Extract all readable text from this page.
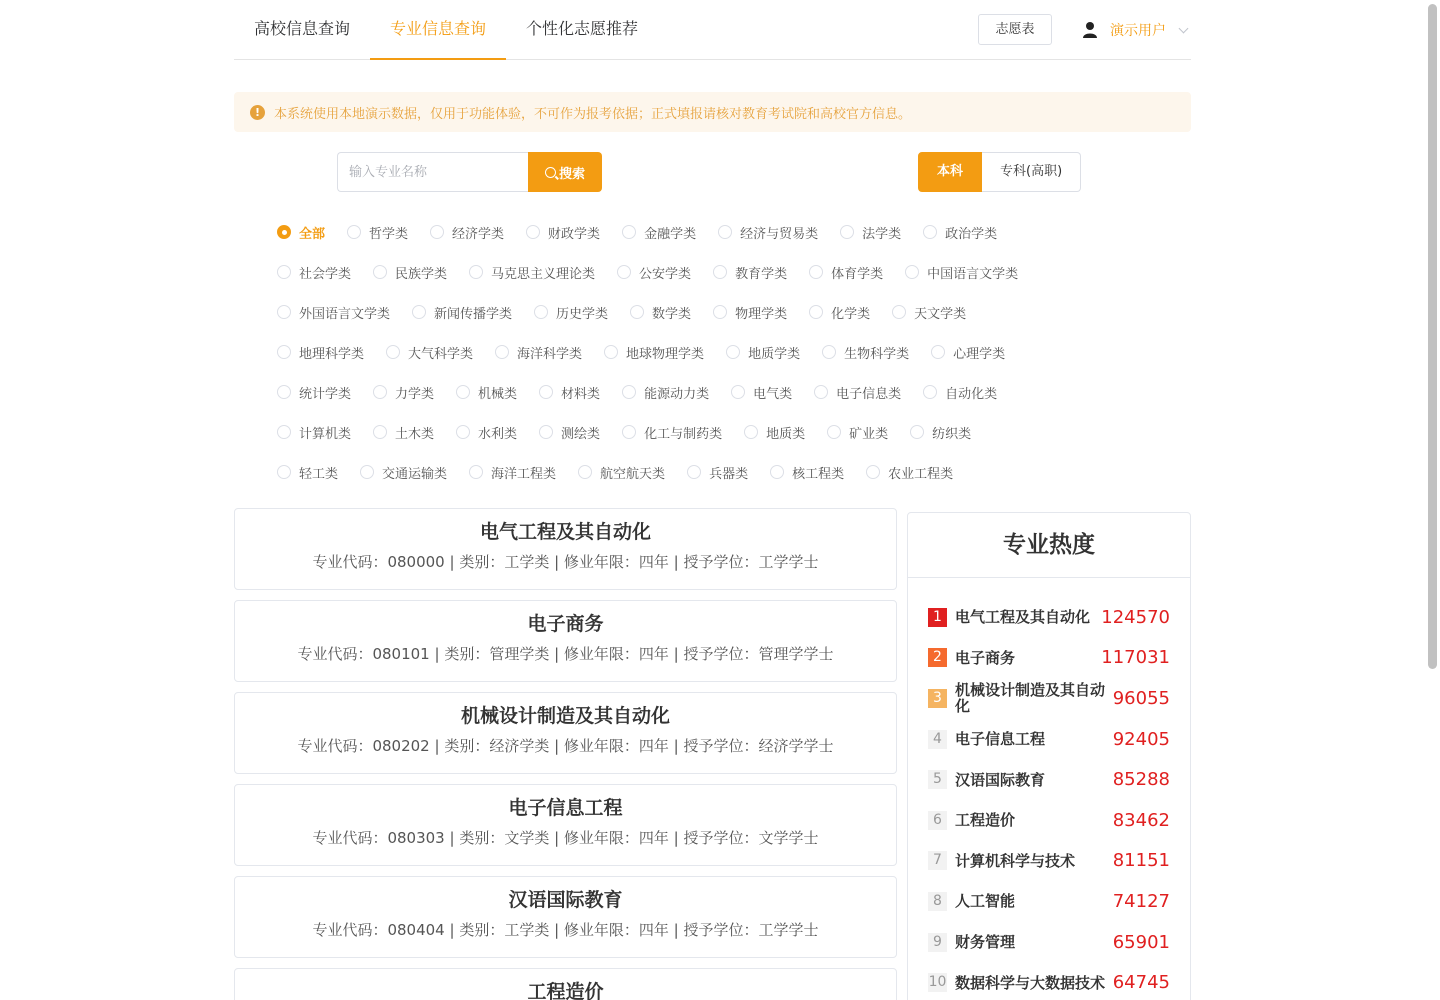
高校信息查询	专业信息查询	个性化志愿推荐	志愿表	演示用户
!	本系统使用本地演示数据，仅用于功能体验，不可作为报考依据；正式填报请核对教育考试院和高校官方信息。
输入专业名称
搜索	本科	专科(高职)
全部	哲学类	经济学类	财政学类	金融学类	经济与贸易类	法学类	政治学类
社会学类	民族学类	马克思主义理论类	公安学类	教育学类	体育学类	中国语言文学类
外国语言文学类	新闻传播学类	历史学类	数学类	物理学类	化学类	天文学类
地理科学类	大气科学类	海洋科学类	地球物理学类	地质学类	生物科学类	心理学类
统计学类	力学类	机械类	材料类	能源动力类	电气类	电子信息类	自动化类
计算机类	土木类	水利类	测绘类	化工与制药类	地质类	矿业类	纺织类
轻工类	交通运输类	海洋工程类	航空航天类	兵器类	核工程类	农业工程类
电气工程及其自动化
专业代码：080000 | 类别：工学类 | 修业年限：四年 | 授予学位：工学学士
电子商务
专业代码：080101 | 类别：管理学类 | 修业年限：四年 | 授予学位：管理学学士
机械设计制造及其自动化
专业代码：080202 | 类别：经济学类 | 修业年限：四年 | 授予学位：经济学学士
电子信息工程
专业代码：080303 | 类别：文学类 | 修业年限：四年 | 授予学位：文学学士
汉语国际教育
专业代码：080404 | 类别：工学类 | 修业年限：四年 | 授予学位：工学学士
工程造价
专业热度
1 电气工程及其自动化 124570
2 电子商务	117031
3 机械设计制造及其自动化	96055
4 电子信息工程	92405
5 汉语国际教育	85288
6 工程造价	83462
7 计算机科学与技术	81151
8 人工智能	74127
9 财务管理	65901
10 数据科学与大数据技术 64745
